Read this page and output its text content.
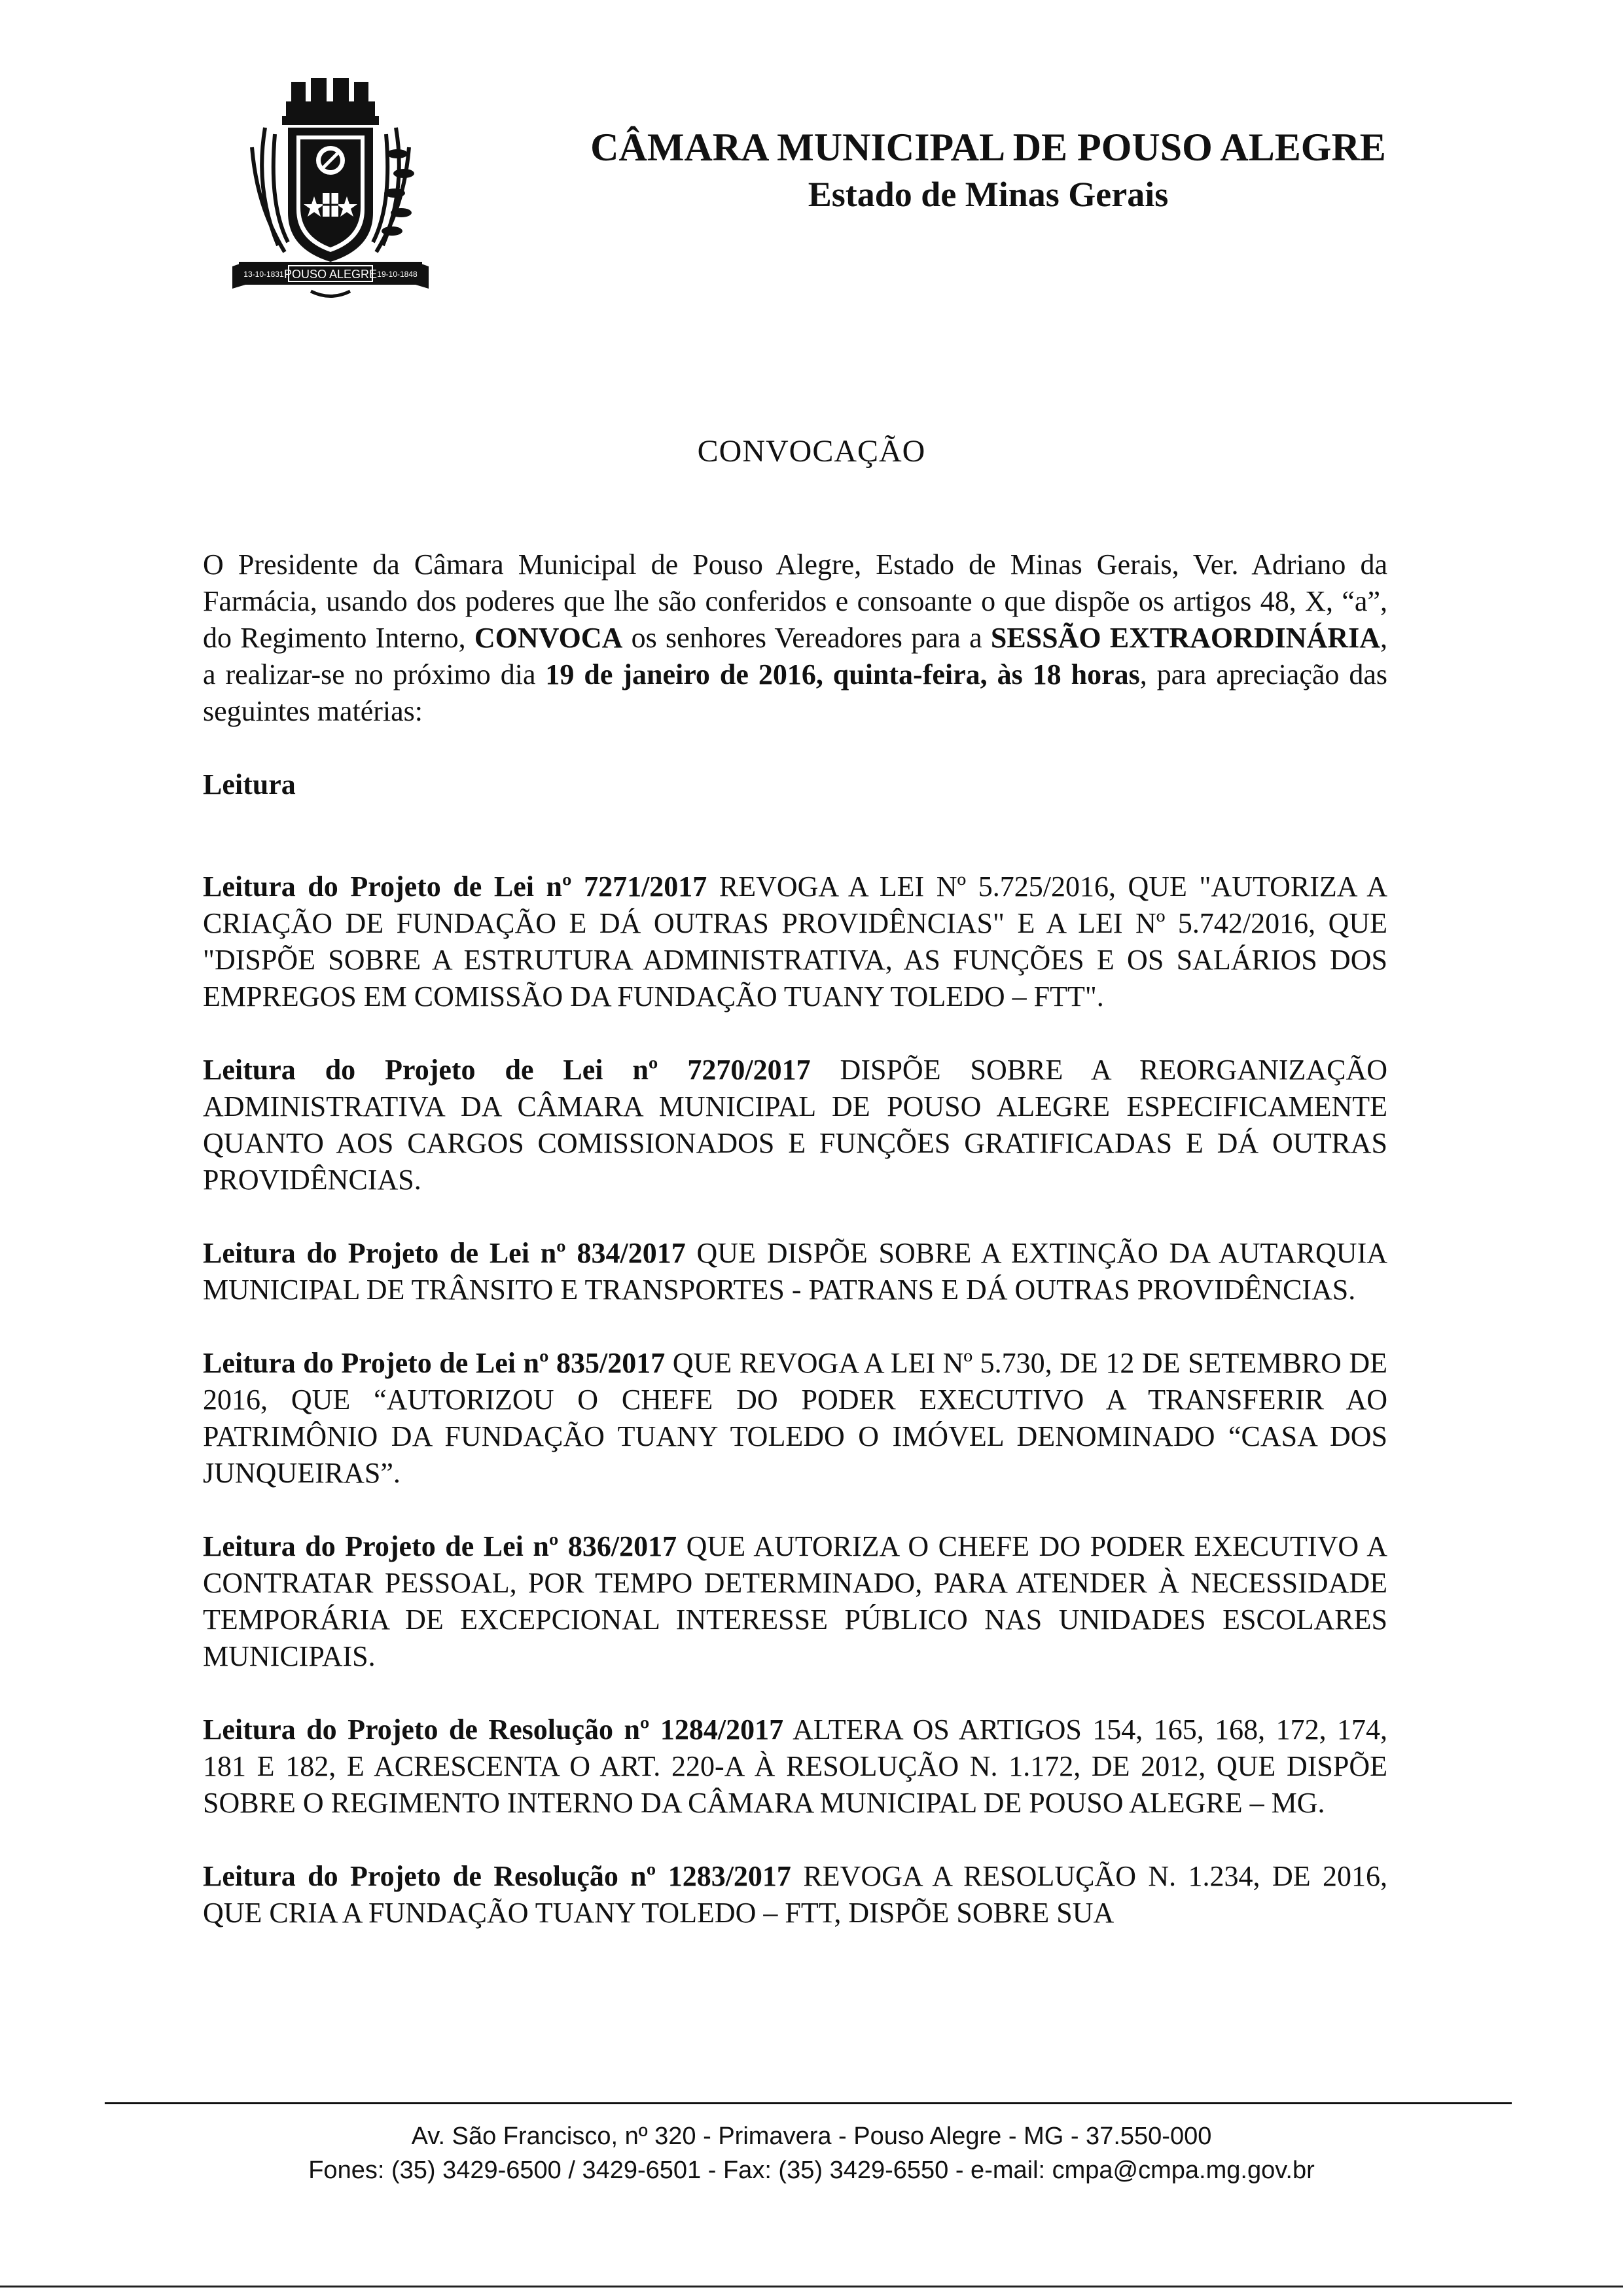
POUSO ALEGRE
13-10-1831	19-10-1848
CÂMARA MUNICIPAL DE POUSO ALEGRE
Estado de Minas Gerais
CONVOCAÇÃO

O Presidente da Câmara Municipal de Pouso Alegre, Estado de Minas Gerais, Ver. Adriano da Farmácia, usando dos poderes que lhe são conferidos e consoante o que dispõe os artigos 48, X, “a”, do Regimento Interno, CONVOCA os senhores Vereadores para a SESSÃO EXTRAORDINÁRIA, a realizar-se no próximo dia 19 de janeiro de 2016, quinta-feira, às 18 horas, para apreciação das seguintes matérias:

Leitura

Leitura do Projeto de Lei nº 7271/2017 REVOGA A LEI Nº 5.725/2016, QUE "AUTORIZA A CRIAÇÃO DE FUNDAÇÃO E DÁ OUTRAS PROVIDÊNCIAS" E A LEI Nº 5.742/2016, QUE "DISPÕE SOBRE A ESTRUTURA ADMINISTRATIVA, AS FUNÇÕES E OS SALÁRIOS DOS EMPREGOS EM COMISSÃO DA FUNDAÇÃO TUANY TOLEDO – FTT".

Leitura do Projeto de Lei nº 7270/2017 DISPÕE SOBRE A REORGANIZAÇÃO ADMINISTRATIVA DA CÂMARA MUNICIPAL DE POUSO ALEGRE ESPECIFICAMENTE QUANTO AOS CARGOS COMISSIONADOS E FUNÇÕES GRATIFICADAS E DÁ OUTRAS PROVIDÊNCIAS.

Leitura do Projeto de Lei nº 834/2017 QUE DISPÕE SOBRE A EXTINÇÃO DA AUTARQUIA MUNICIPAL DE TRÂNSITO E TRANSPORTES - PATRANS E DÁ OUTRAS PROVIDÊNCIAS.

Leitura do Projeto de Lei nº 835/2017 QUE REVOGA A LEI Nº 5.730, DE 12 DE SETEMBRO DE 2016, QUE “AUTORIZOU O CHEFE DO PODER EXECUTIVO A TRANSFERIR AO PATRIMÔNIO DA FUNDAÇÃO TUANY TOLEDO O IMÓVEL DENOMINADO “CASA DOS JUNQUEIRAS”.

Leitura do Projeto de Lei nº 836/2017 QUE AUTORIZA O CHEFE DO PODER EXECUTIVO A CONTRATAR PESSOAL, POR TEMPO DETERMINADO, PARA ATENDER À NECESSIDADE TEMPORÁRIA DE EXCEPCIONAL INTERESSE PÚBLICO NAS UNIDADES ESCOLARES MUNICIPAIS.

Leitura do Projeto de Resolução nº 1284/2017 ALTERA OS ARTIGOS 154, 165, 168, 172, 174, 181 E 182, E ACRESCENTA O ART. 220-A À RESOLUÇÃO N. 1.172, DE 2012, QUE DISPÕE SOBRE O REGIMENTO INTERNO DA CÂMARA MUNICIPAL DE POUSO ALEGRE – MG.

Leitura do Projeto de Resolução nº 1283/2017 REVOGA A RESOLUÇÃO N. 1.234, DE 2016, QUE CRIA A FUNDAÇÃO TUANY TOLEDO – FTT, DISPÕE SOBRE SUA

Av. São Francisco, nº 320 - Primavera - Pouso Alegre - MG - 37.550-000
Fones: (35) 3429-6500 / 3429-6501 - Fax: (35) 3429-6550 - e-mail: cmpa@cmpa.mg.gov.br
